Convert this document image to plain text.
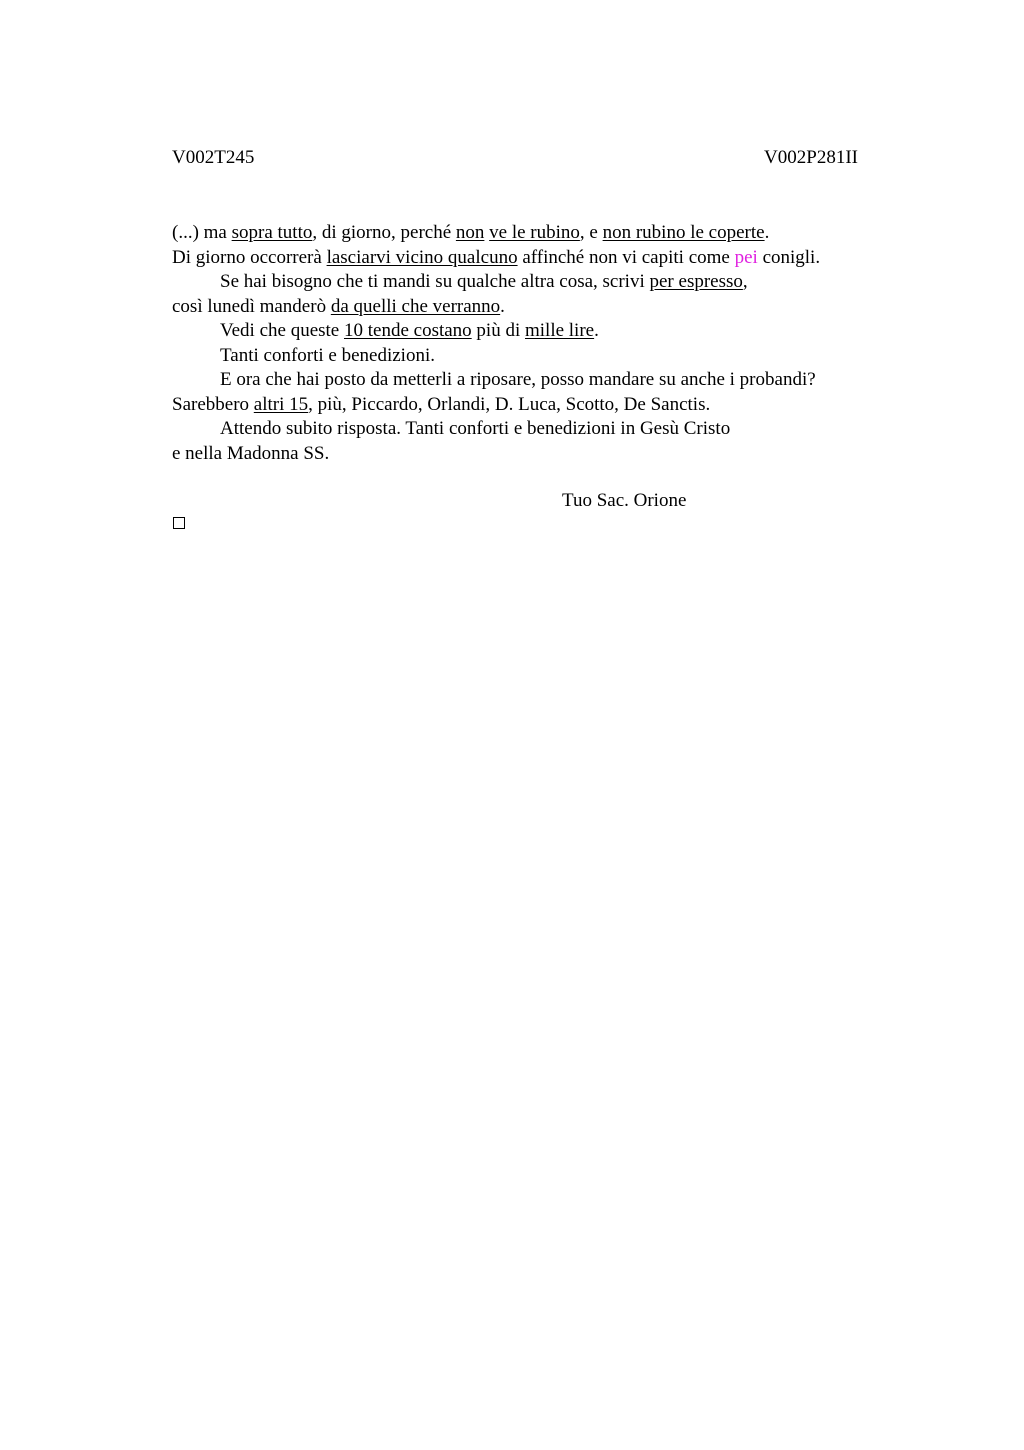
V002T245	V002P281II
(...) ma sopra tutto, di giorno, perché non ve le rubino, e non rubino le coperte.
Di giorno occorrerà lasciarvi vicino qualcuno affinché non vi capiti come pei conigli.
Se hai bisogno che ti mandi su qualche altra cosa, scrivi per espresso,
così lunedì manderò da quelli che verranno.
Vedi che queste 10 tende costano più di mille lire.
Tanti conforti e benedizioni.
E ora che hai posto da metterli a riposare, posso mandare su anche i probandi?
Sarebbero altri 15, più, Piccardo, Orlandi, D. Luca, Scotto, De Sanctis.
Attendo subito risposta. Tanti conforti e benedizioni in Gesù Cristo
e nella Madonna SS.
Tuo Sac. Orione
